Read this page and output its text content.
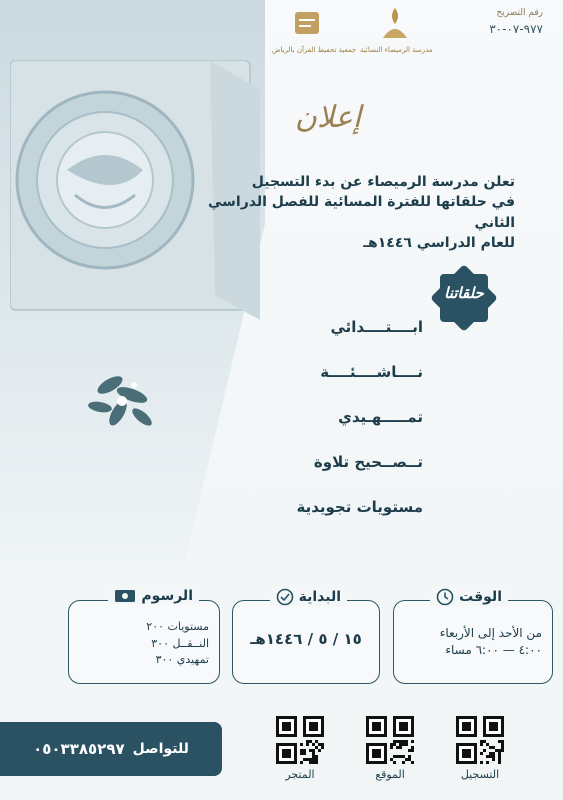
رقم التصريح
٩٧٧-٠٧-٣٠
مدرسة الرميصاء النسائية
جمعية تحفيظ القرآن بالرياض
إعلان
تعلن مدرسة الرميصاء عن بدء التسجيل
في حلقاتها للفترة المسائية للفصل الدراسي الثاني
للعام الدراسي ١٤٤٦هـ
حلقاتنا
ابــــتــــدائي
نــــاشــــئــــة
تمـــــهـيدي
تــصــحيح تلاوة
مستويات تجويدية
الوقت
من الأحد إلى الأربعاء
٤:٠٠ — ٦:٠٠ مساء
البداية
١٥ / ٥ / ١٤٤٦هـ
الرسوم
مستويات ٢٠٠
النــقــل ٣٠٠
تمهيدي ٣٠٠
للتواصل
٠٥٠٣٣٨٥٢٩٧
التسجيل
الموقع
المتجر
